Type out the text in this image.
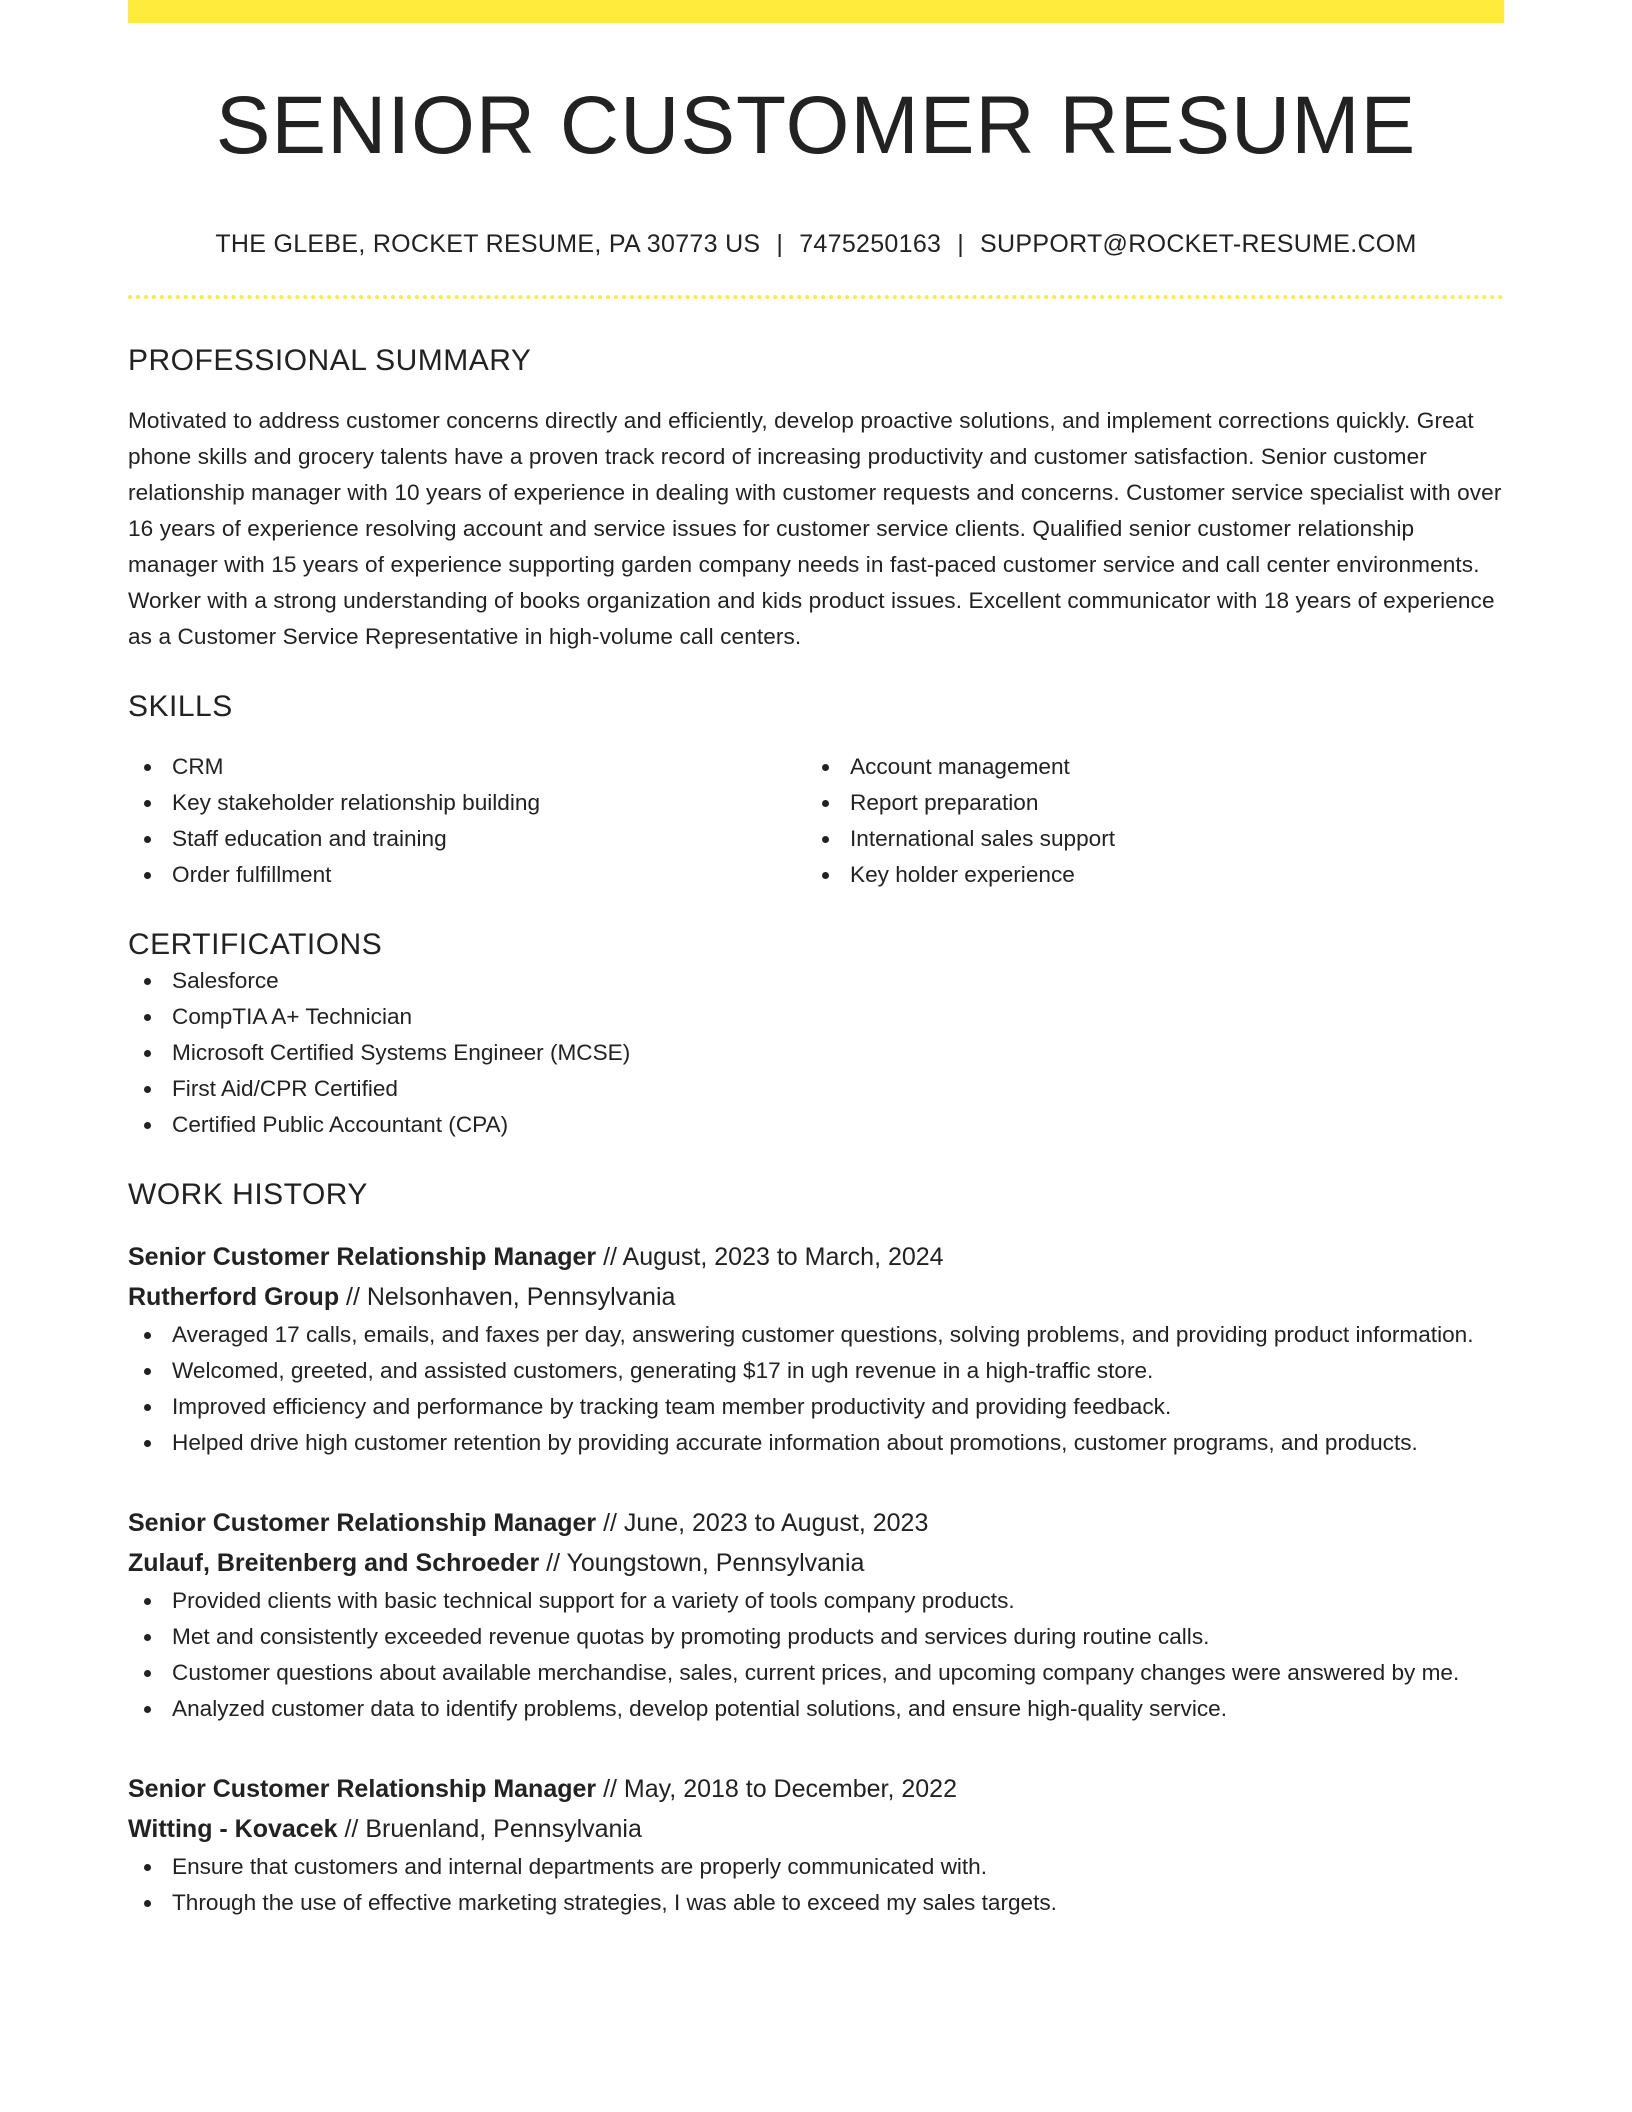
SENIOR CUSTOMER RESUME
THE GLEBE, ROCKET RESUME, PA 30773 US | 7475250163 | SUPPORT@ROCKET-RESUME.COM
PROFESSIONAL SUMMARY
Motivated to address customer concerns directly and efficiently, develop proactive solutions, and implement corrections quickly. Great phone skills and grocery talents have a proven track record of increasing productivity and customer satisfaction. Senior customer relationship manager with 10 years of experience in dealing with customer requests and concerns. Customer service specialist with over 16 years of experience resolving account and service issues for customer service clients. Qualified senior customer relationship manager with 15 years of experience supporting garden company needs in fast-paced customer service and call center environments. Worker with a strong understanding of books organization and kids product issues. Excellent communicator with 18 years of experience as a Customer Service Representative in high-volume call centers.
SKILLS
CRM
Key stakeholder relationship building
Staff education and training
Order fulfillment
Account management
Report preparation
International sales support
Key holder experience
CERTIFICATIONS
Salesforce
CompTIA A+ Technician
Microsoft Certified Systems Engineer (MCSE)
First Aid/CPR Certified
Certified Public Accountant (CPA)
WORK HISTORY
Senior Customer Relationship Manager // August, 2023 to March, 2024
Rutherford Group // Nelsonhaven, Pennsylvania
Averaged 17 calls, emails, and faxes per day, answering customer questions, solving problems, and providing product information.
Welcomed, greeted, and assisted customers, generating $17 in ugh revenue in a high-traffic store.
Improved efficiency and performance by tracking team member productivity and providing feedback.
Helped drive high customer retention by providing accurate information about promotions, customer programs, and products.
Senior Customer Relationship Manager // June, 2023 to August, 2023
Zulauf, Breitenberg and Schroeder // Youngstown, Pennsylvania
Provided clients with basic technical support for a variety of tools company products.
Met and consistently exceeded revenue quotas by promoting products and services during routine calls.
Customer questions about available merchandise, sales, current prices, and upcoming company changes were answered by me.
Analyzed customer data to identify problems, develop potential solutions, and ensure high-quality service.
Senior Customer Relationship Manager // May, 2018 to December, 2022
Witting - Kovacek // Bruenland, Pennsylvania
Ensure that customers and internal departments are properly communicated with.
Through the use of effective marketing strategies, I was able to exceed my sales targets.
